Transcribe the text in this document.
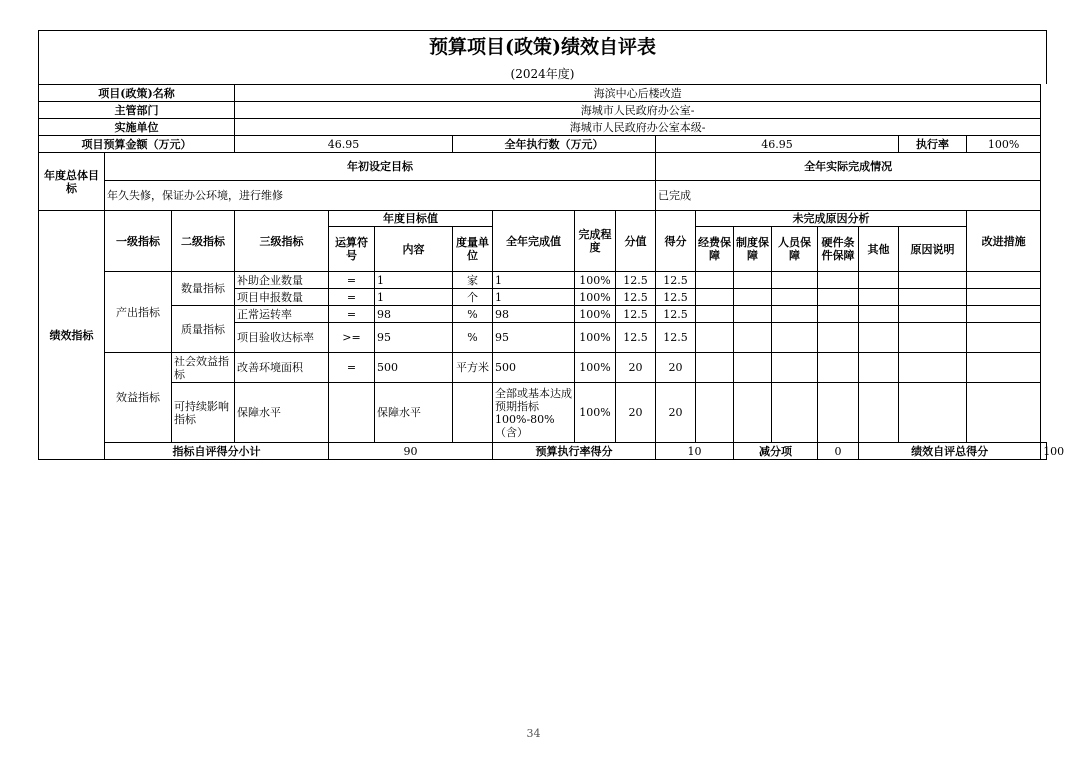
预算项目(政策)绩效自评表
(2024年度)
项目(政策)名称			海滨中心后楼改造															
主管部门			海城市人民政府办公室-															
实施单位			海城市人民政府办公室本级-															
项目预算金额（万元）			46.95			全年执行数（万元）				46.95						执行率	100%	
年度总体目标	年初设定目标									全年实际完成情况								
	年久失修，保证办公环境，进行维修									已完成								
绩效指标	一级指标	二级指标	三级指标	年度目标值			全年完成值	完成程度	分值	得分	未完成原因分析						改进措施	
				运算符号	内容	度量单位					经费保障	制度保障	人员保障	硬件条件保障	其他	原因说明		
	产出指标	数量指标	补助企业数量	=	1	家	1	100%	12.5	12.5								
			项目申报数量	=	1	个	1	100%	12.5	12.5								
		质量指标	正常运转率	=	98	%	98	100%	12.5	12.5								
			项目验收达标率	>=	95	%	95	100%	12.5	12.5								
	效益指标	社会效益指标	改善环境面积	=	500	平方米	500	100%	20	20								
		可持续影响指标	保障水平		保障水平		全部或基本达成预期指标100%-80%（含）	100%	20	20								
	指标自评得分小计			90			预算执行率得分			10		减分项		0	绩效自评总得分			100
34
